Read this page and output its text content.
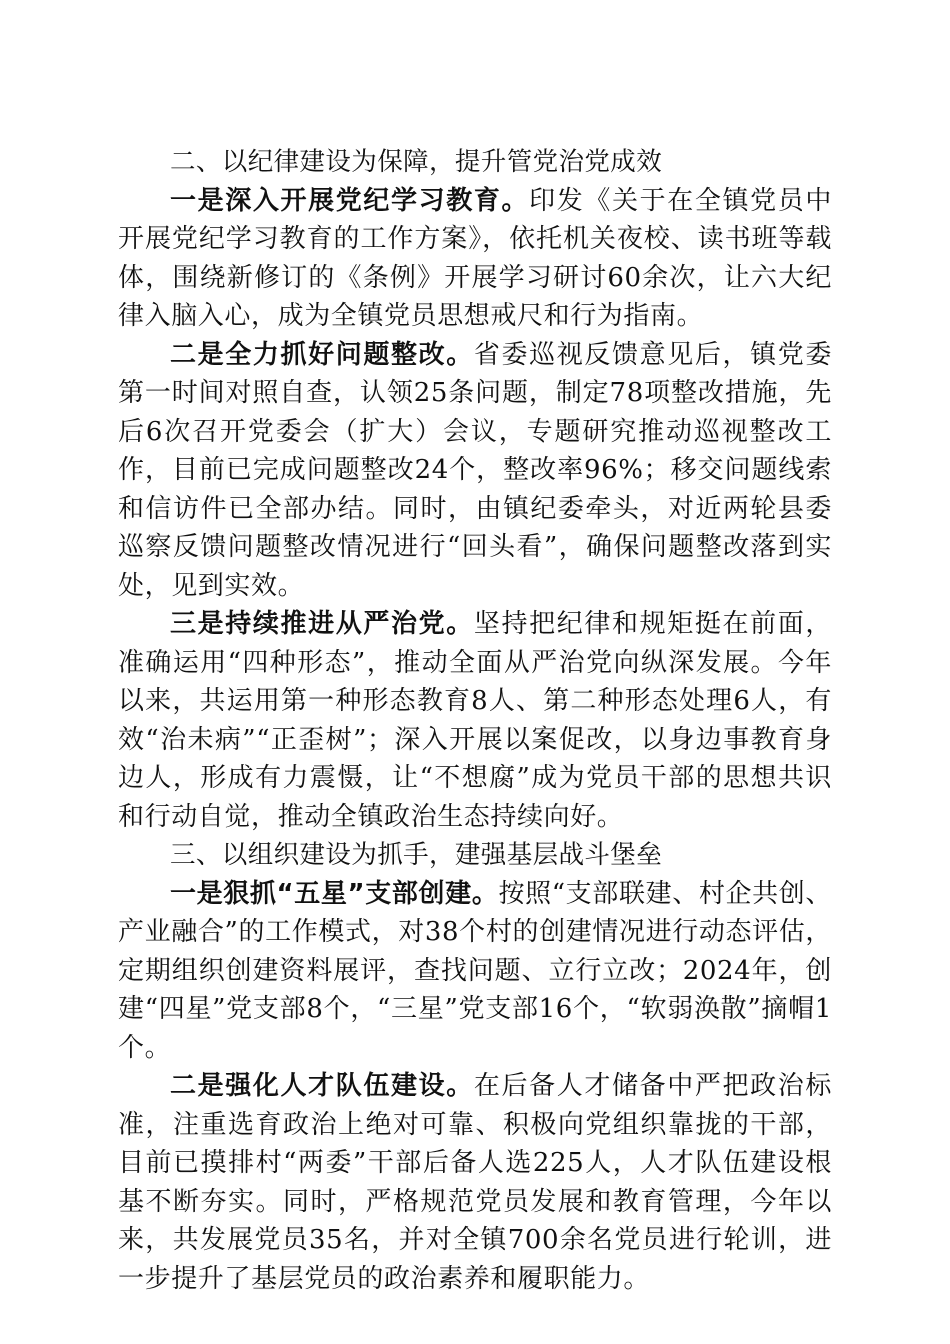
二、以纪律建设为保障，提升管党治党成效

一是深入开展党纪学习教育。印发《关于在全镇党员中开展党纪学习教育的工作方案》，依托机关夜校、读书班等载体，围绕新修订的《条例》开展学习研讨60余次，让六大纪律入脑入心，成为全镇党员思想戒尺和行为指南。

二是全力抓好问题整改。省委巡视反馈意见后，镇党委第一时间对照自查，认领25条问题，制定78项整改措施，先后6次召开党委会（扩大）会议，专题研究推动巡视整改工作，目前已完成问题整改24个，整改率96%；移交问题线索和信访件已全部办结。同时，由镇纪委牵头，对近两轮县委巡察反馈问题整改情况进行“回头看”，确保问题整改落到实处，见到实效。

三是持续推进从严治党。坚持把纪律和规矩挺在前面，准确运用“四种形态”，推动全面从严治党向纵深发展。今年以来，共运用第一种形态教育8人、第二种形态处理6人，有效“治未病”“正歪树”；深入开展以案促改，以身边事教育身边人，形成有力震慑，让“不想腐”成为党员干部的思想共识和行动自觉，推动全镇政治生态持续向好。

三、以组织建设为抓手，建强基层战斗堡垒

一是狠抓“五星”支部创建。按照“支部联建、村企共创、产业融合”的工作模式，对38个村的创建情况进行动态评估，定期组织创建资料展评，查找问题、立行立改；2024年，创建“四星”党支部8个，“三星”党支部16个，“软弱涣散”摘帽1个。

二是强化人才队伍建设。在后备人才储备中严把政治标准，注重选育政治上绝对可靠、积极向党组织靠拢的干部，目前已摸排村“两委”干部后备人选225人，人才队伍建设根基不断夯实。同时，严格规范党员发展和教育管理，今年以来，共发展党员35名，并对全镇700余名党员进行轮训，进一步提升了基层党员的政治素养和履职能力。
